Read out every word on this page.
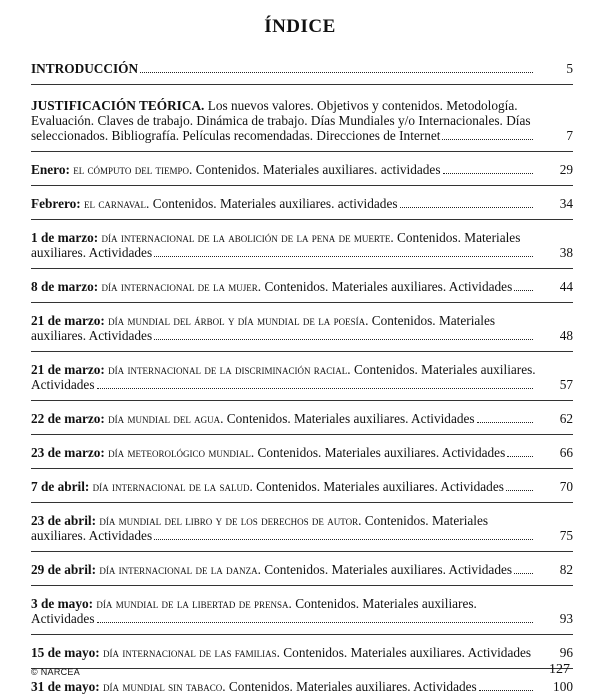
ÍNDICE
INTRODUCCIÓN	5
JUSTIFICACIÓN TEÓRICA. Los nuevos valores. Objetivos y contenidos. Metodología. Evaluación. Claves de trabajo. Dinámica de trabajo. Días Mundiales y/o Internacionales. Días seleccionados. Bibliografía. Películas recomendadas. Direcciones de Internet	7
Enero: el cómputo del tiempo. Contenidos. Materiales auxiliares. actividades	29
Febrero: el carnaval. Contenidos. Materiales auxiliares. actividades	34
1 de marzo: día internacional de la abolición de la pena de muerte. Contenidos. Materiales auxiliares. Actividades	38
8 de marzo: día internacional de la mujer. Contenidos. Materiales auxiliares. Actividades	44
21 de marzo: día mundial del árbol y día mundial de la poesía. Contenidos. Materiales auxiliares. Actividades	48
21 de marzo: día internacional de la discriminación racial. Contenidos. Materiales auxiliares. Actividades	57
22 de marzo: día mundial del agua. Contenidos. Materiales auxiliares. Actividades	62
23 de marzo: día meteorológico mundial. Contenidos. Materiales auxiliares. Actividades	66
7 de abril: día internacional de la salud. Contenidos. Materiales auxiliares. Actividades	70
23 de abril: día mundial del libro y de los derechos de autor. Contenidos. Materiales auxiliares. Actividades	75
29 de abril: día internacional de la danza. Contenidos. Materiales auxiliares. Actividades	82
3 de mayo: día mundial de la libertad de prensa. Contenidos. Materiales auxiliares. Actividades	93
15 de mayo: día internacional de las familias. Contenidos. Materiales auxiliares. Actividades	96
31 de mayo: día mundial sin tabaco. Contenidos. Materiales auxiliares. Actividades	100
© NARCEA	127
